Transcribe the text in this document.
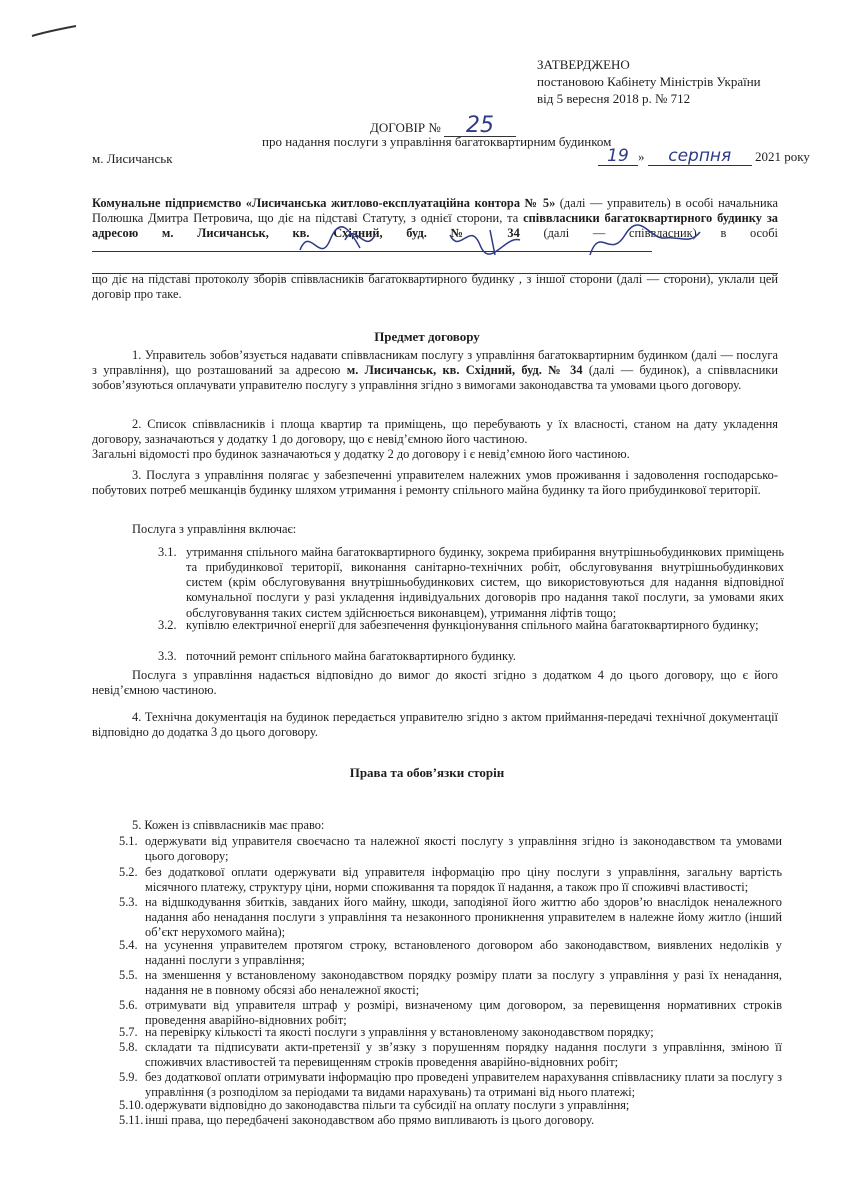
ЗАТВЕРДЖЕНО
постановою Кабінету Міністрів України
від 5 вересня 2018 р. № 712
ДОГОВІР № 25
про надання послуги з управління багатоквартирним будинком
м. Лисичанськ	19 » серпня 2021 року
Комунальне підприємство «Лисичанська житлово-експлуатаційна контора № 5» (далі — управитель) в особі начальника Полюшка Дмитра Петровича, що діє на підставі Статуту, з однієї сторони, та співвласники багатоквартирного будинку за адресою м. Лисичанськ, кв. Східний, буд. № 34 (далі — співвласник) в особі
що діє на підставі протоколу зборів співвласників багатоквартирного будинку , з іншої сторони (далі — сторони), уклали цей договір про таке.
Предмет договору
1. Управитель зобов’язується надавати співвласникам послугу з управління багатоквартирним будинком (далі — послуга з управління), що розташований за адресою м. Лисичанськ, кв. Східний, буд. № 34 (далі — будинок), а співвласники зобов’язуються оплачувати управителю послугу з управління згідно з вимогами законодавства та умовами цього договору.
2. Список співвласників і площа квартир та приміщень, що перебувають у їх власності, станом на дату укладення договору, зазначаються у додатку 1 до договору, що є невід’ємною його частиною.
Загальні відомості про будинок зазначаються у додатку 2 до договору і є невід’ємною його частиною.
3. Послуга з управління полягає у забезпеченні управителем належних умов проживання і задоволення господарсько-побутових потреб мешканців будинку шляхом утримання і ремонту спільного майна будинку та його прибудинкової території.
Послуга з управління включає:
3.1. утримання спільного майна багатоквартирного будинку, зокрема прибирання внутрішньобудинкових приміщень та прибудинкової території, виконання санітарно-технічних робіт, обслуговування внутрішньобудинкових систем (крім обслуговування внутрішньобудинкових систем, що використовуються для надання відповідної комунальної послуги у разі укладення індивідуальних договорів про надання такої послуги, за умовами яких обслуговування таких систем здійснюється виконавцем), утримання ліфтів тощо;
3.2. купівлю електричної енергії для забезпечення функціонування спільного майна багатоквартирного будинку;
3.3. поточний ремонт спільного майна багатоквартирного будинку.
Послуга з управління надається відповідно до вимог до якості згідно з додатком 4 до цього договору, що є його невід’ємною частиною.
4. Технічна документація на будинок передається управителю згідно з актом приймання-передачі технічної документації відповідно до додатка 3 до цього договору.
Права та обов’язки сторін
5. Кожен із співвласників має право:
5.1. одержувати від управителя своєчасно та належної якості послугу з управління згідно із законодавством та умовами цього договору;
5.2. без додаткової оплати одержувати від управителя інформацію про ціну послуги з управління, загальну вартість місячного платежу, структуру ціни, норми споживання та порядок її надання, а також про її споживчі властивості;
5.3. на відшкодування збитків, завданих його майну, шкоди, заподіяної його життю або здоров’ю внаслідок неналежного надання або ненадання послуги з управління та незаконного проникнення управителем в належне йому житло (інший об’єкт нерухомого майна);
5.4. на усунення управителем протягом строку, встановленого договором або законодавством, виявлених недоліків у наданні послуги з управління;
5.5. на зменшення у встановленому законодавством порядку розміру плати за послугу з управління у разі їх ненадання, надання не в повному обсязі або неналежної якості;
5.6. отримувати від управителя штраф у розмірі, визначеному цим договором, за перевищення нормативних строків проведення аварійно-відновних робіт;
5.7. на перевірку кількості та якості послуги з управління у встановленому законодавством порядку;
5.8. складати та підписувати акти-претензії у зв’язку з порушенням порядку надання послуги з управління, зміною її споживчих властивостей та перевищенням строків проведення аварійно-відновних робіт;
5.9. без додаткової оплати отримувати інформацію про проведені управителем нарахування співвласнику плати за послугу з управління (з розподілом за періодами та видами нарахувань) та отримані від нього платежі;
5.10. одержувати відповідно до законодавства пільги та субсидії на оплату послуги з управління;
5.11. інші права, що передбачені законодавством або прямо випливають із цього договору.
